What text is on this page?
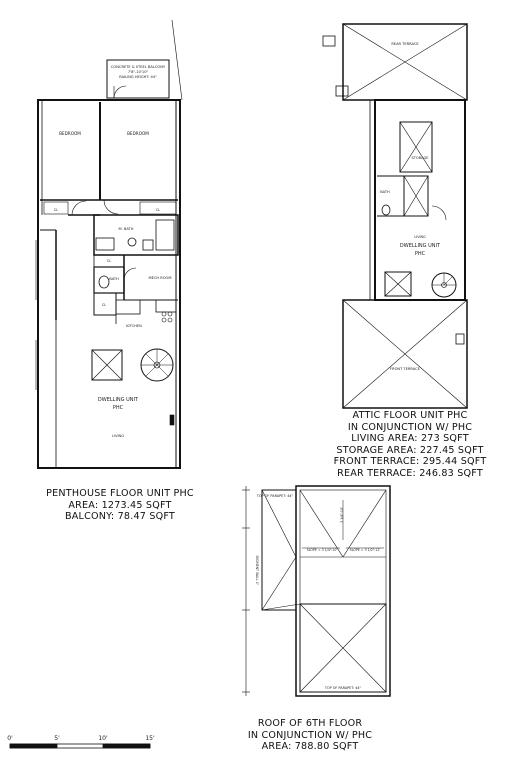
CONCRETE & STEEL BALCONY
7'8"-10'10"
RAILING HEIGHT: 44"
BEDROOM	BEDROOM
CL	CL
CL
CL
M. BATH
BATH	MECH ROOM
KITCHEN
DWELLING UNIT
PHC
LIVING
REAR TERRACE
STORAGE
BATH
LIVING
DWELLING UNIT
PHC
FRONT TERRACE
TOP OF PARAPET: 44"
TOP OF PARAPET: 44"
SLOPE = 3 1/4":10'	SLOPE = 3 1/2":12'
3 1/4":10'
SEGMENT WALL 2'
0'	5'	10'	15'
PENTHOUSE FLOOR UNIT PHC
AREA: 1273.45 SQFT
BALCONY: 78.47 SQFT
ATTIC FLOOR UNIT PHC
IN CONJUNCTION W/ PHC
LIVING AREA: 273 SQFT
STORAGE AREA: 227.45 SQFT
FRONT TERRACE: 295.44 SQFT
REAR TERRACE: 246.83 SQFT
ROOF OF 6TH FLOOR
IN CONJUNCTION W/ PHC
AREA: 788.80 SQFT
